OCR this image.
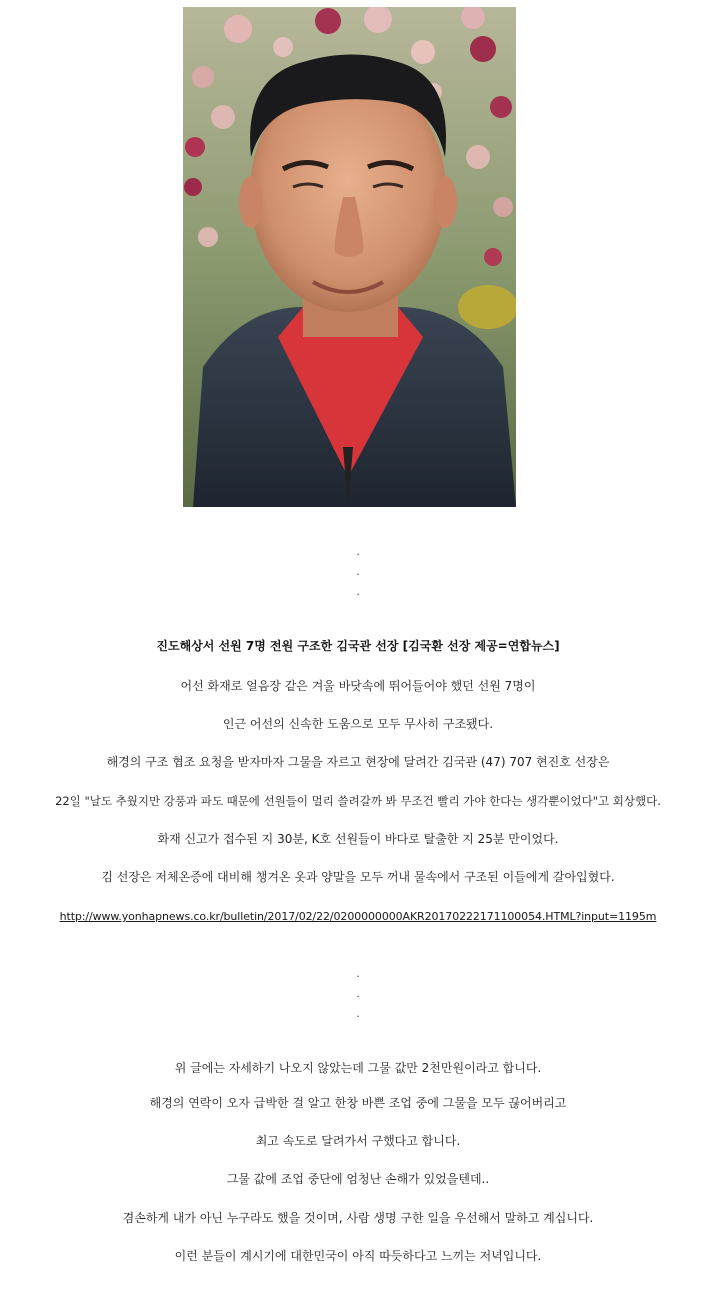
.
.
.
진도해상서 선원 7명 전원 구조한 김국관 선장 [김국환 선장 제공=연합뉴스]
어선 화재로 얼음장 같은 겨울 바닷속에 뛰어들어야 했던 선원 7명이
인근 어선의 신속한 도움으로 모두 무사히 구조됐다.
해경의 구조 협조 요청을 받자마자 그물을 자르고 현장에 달려간 김국관 (47) 707 현진호 선장은
22일 "날도 추웠지만 강풍과 파도 때문에 선원들이 멀리 쓸려갈까 봐 무조건 빨리 가야 한다는 생각뿐이었다"고 회상했다.
화재 신고가 접수된 지 30분, K호 선원들이 바다로 탈출한 지 25분 만이었다.
김 선장은 저체온증에 대비해 챙겨온 옷과 양말을 모두 꺼내 물속에서 구조된 이들에게 갈아입혔다.
http://www.yonhapnews.co.kr/bulletin/2017/02/22/0200000000AKR20170222171100054.HTML?input=1195m
.
.
.
위 글에는 자세하기 나오지 않았는데 그물 값만 2천만원이라고 합니다.
해경의 연락이 오자 급박한 걸 알고 한창 바쁜 조업 중에 그물을 모두 끊어버리고
최고 속도로 달려가서 구했다고 합니다.
그물 값에 조업 중단에 엄청난 손해가 있었을텐데..
겸손하게 내가 아닌 누구라도 했을 것이며, 사람 생명 구한 일을 우선해서 말하고 계십니다.
이런 분들이 계시기에 대한민국이 아직 따듯하다고 느끼는 저녁입니다.
